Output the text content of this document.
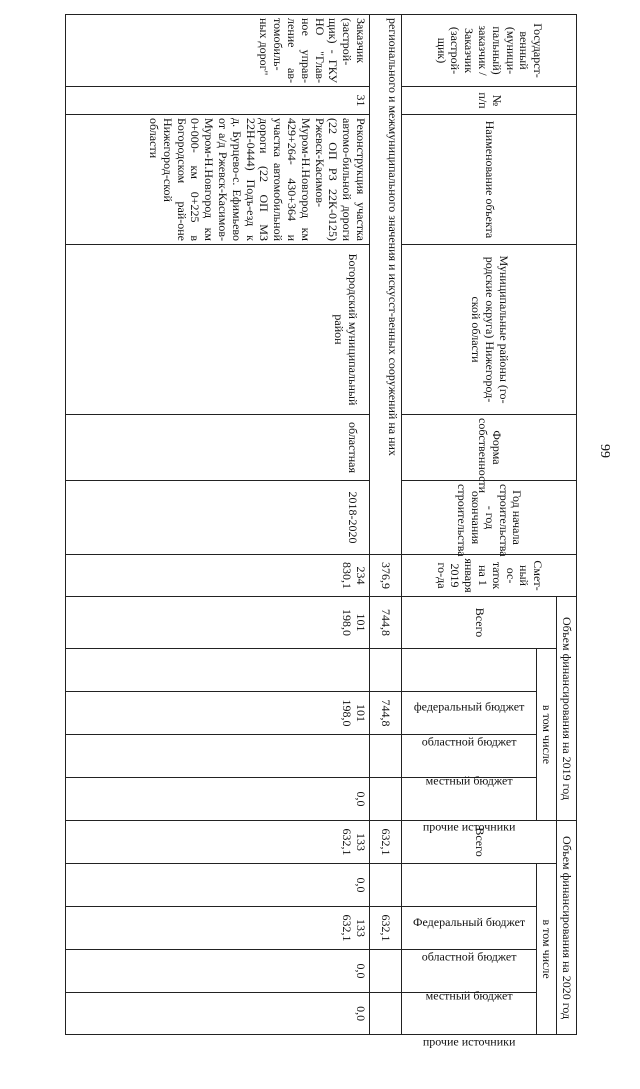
99
Государст-венный (муници-пальный) заказчик / Заказчик (застрой-щик)	№ п/п	Наименование объекта	Муниципальные районы (го-родские округа) Нижегород-ской области	Форма собственности	Год начала строительства - год окончания строительства	Смет-ный ос-таток на 1 января 2019 го-да	Объем финансирования на 2019 год					Объем финансирования на 2020 год				
							Всего	в том числе				Всего	в том числе			
								федеральный бюджет	областной бюджет	местный бюджет	прочие источники		Федеральный бюджет	областной бюджет	местный бюджет	прочие источники
регионального и межмуниципального значения и искусст-венных сооружений на них						376,9	744,8		744,8			632,1		632,1		
Заказчик (застрой-щик) - ГКУ НО "Глав-ное управ-ление ав-томобиль-ных дорог"	31	Реконструкция участка автомо-бильной дороги (22 ОП РЗ 22К-0125) Ржевск-Касимов-Муром-Н.Новгород км 429+264- 430+364 и участка автомобильной дороги (22 ОП МЗ 22Н-0444) Подъ-езд к д. Бурцево-с. Ефимьево от а/д Ржевск-Касимов-Муром-Н.Новгород км 0+000- км 0+225 в Богородском рай-оне Нижегород-ской области	Богородский муниципальный район	областная	2018-2020	234 830,1	101 198,0		101 198,0		0,0	133 632,1	0,0	133 632,1	0,0	0,0
